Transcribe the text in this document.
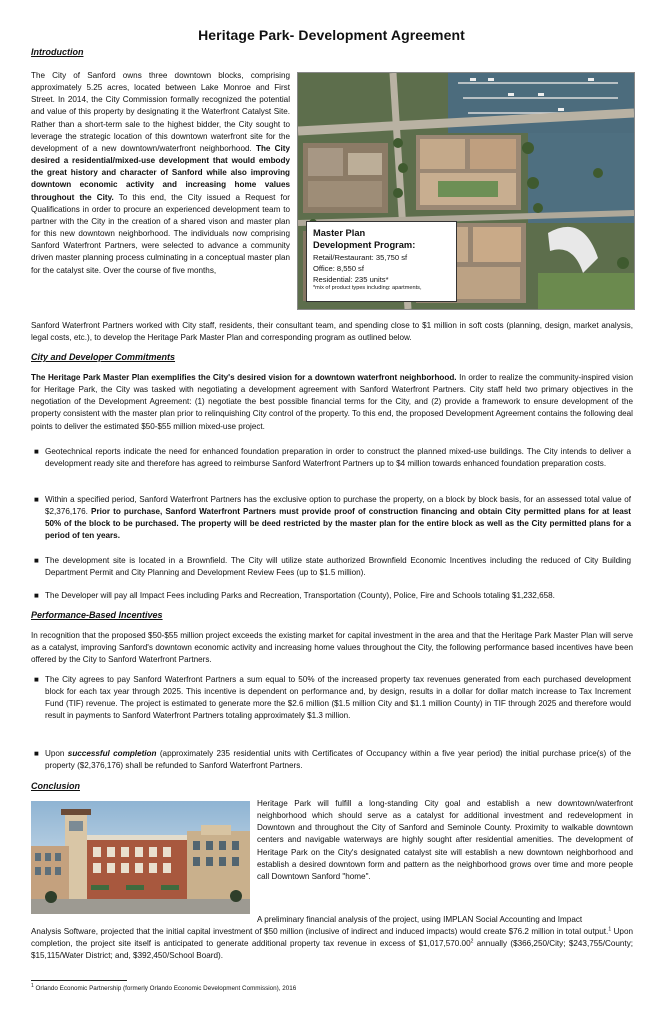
Heritage Park- Development Agreement
Introduction
The City of Sanford owns three downtown blocks, comprising approximately 5.25 acres, located between Lake Monroe and First Street. In 2014, the City Commission formally recognized the potential and value of this property by designating it the Waterfront Catalyst Site. Rather than a short-term sale to the highest bidder, the City sought to leverage the strategic location of this downtown waterfront site for the development of a new downtown/waterfront neighborhood. The City desired a residential/mixed-use development that would embody the great history and character of Sanford while also improving downtown economic activity and increasing home values throughout the City. To this end, the City issued a Request for Qualifications in order to procure an experienced development team to partner with the City in the creation of a shared vison and master plan for this new downtown neighborhood. The individuals now comprising Sanford Waterfront Partners, were selected to advance a community driven master planning process culminating in a conceptual master plan for the catalyst site. Over the course of five months,
Master Plan
Development Program:
Retail/Restaurant: 35,750 sf
Office: 8,550 sf
Residential: 235 units*
*mix of product types including: apartments,
Sanford Waterfront Partners worked with City staff, residents, their consultant team, and spending close to $1 million in soft costs (planning, design, market analysis, legal costs, etc.), to develop the Heritage Park Master Plan and corresponding program as outlined below.
City and Developer Commitments
The Heritage Park Master Plan exemplifies the City's desired vision for a downtown waterfront neighborhood. In order to realize the community-inspired vision for Heritage Park, the City was tasked with negotiating a development agreement with Sanford Waterfront Partners. City staff held two primary objectives in the negotiation of the Development Agreement: (1) negotiate the best possible financial terms for the City, and (2) provide a framework to ensure development of the property consistent with the master plan prior to relinquishing City control of the property. To this end, the proposed Development Agreement contains the following deal points to deliver the estimated $50-$55 million mixed-use project.
■ Geotechnical reports indicate the need for enhanced foundation preparation in order to construct the planned mixed-use buildings. The City intends to deliver a development ready site and therefore has agreed to reimburse Sanford Waterfront Partners up to $4 million towards enhanced foundation preparation costs.
■ Within a specified period, Sanford Waterfront Partners has the exclusive option to purchase the property, on a block by block basis, for an assessed total value of $2,376,176. Prior to purchase, Sanford Waterfront Partners must provide proof of construction financing and obtain City permitted plans for at least 50% of the block to be purchased. The property will be deed restricted by the master plan for the entire block as well as the City permitted plans for a period of ten years.
■ The development site is located in a Brownfield. The City will utilize state authorized Brownfield Economic Incentives including the reduced of City Building Department Permit and City Planning and Development Review Fees (up to $1.5 million).
■ The Developer will pay all Impact Fees including Parks and Recreation, Transportation (County), Police, Fire and Schools totaling $1,232,658.
Performance-Based Incentives
In recognition that the proposed $50-$55 million project exceeds the existing market for capital investment in the area and that the Heritage Park Master Plan will serve as a catalyst, improving Sanford's downtown economic activity and increasing home values throughout the City, the following performance based incentives have been offered by the City to Sanford Waterfront Partners.
■ The City agrees to pay Sanford Waterfront Partners a sum equal to 50% of the increased property tax revenues generated from each purchased development block for each tax year through 2025. This incentive is dependent on performance and, by design, results in a dollar for dollar match increase to Tax Increment Fund (TIF) revenue. The project is estimated to generate more the $2.6 million ($1.5 million City and $1.1 million County) in TIF through 2025 and therefore would result in payments to Sanford Waterfront Partners totaling approximately $1.3 million.
■ Upon successful completion (approximately 235 residential units with Certificates of Occupancy within a five year period) the initial purchase price(s) of the property ($2,376,176) shall be refunded to Sanford Waterfront Partners.
Conclusion
Heritage Park will fulfill a long-standing City goal and establish a new downtown/waterfront neighborhood which should serve as a catalyst for additional investment and redevelopment in Downtown and throughout the City of Sanford and Seminole County. Proximity to walkable downtown centers and navigable waterways are highly sought after residential amenities. The development of Heritage Park on the City's designated catalyst site will establish a new downtown neighborhood and establish a desired downtown form and pattern as the neighborhood grows over time and more people call Downtown Sanford "home".
A preliminary financial analysis of the project, using IMPLAN Social Accounting and Impact
Analysis Software, projected that the initial capital investment of $50 million (inclusive of indirect and induced impacts) would create $76.2 million in total output.$^1$ Upon completion, the project site itself is anticipated to generate additional property tax revenue in excess of $1,017,570.00$^2$ annually ($366,250/City; $243,755/County; $15,115/Water District; and, $392,450/School Board).
$^1$ Orlando Economic Partnership (formerly Orlando Economic Development Commission), 2016
